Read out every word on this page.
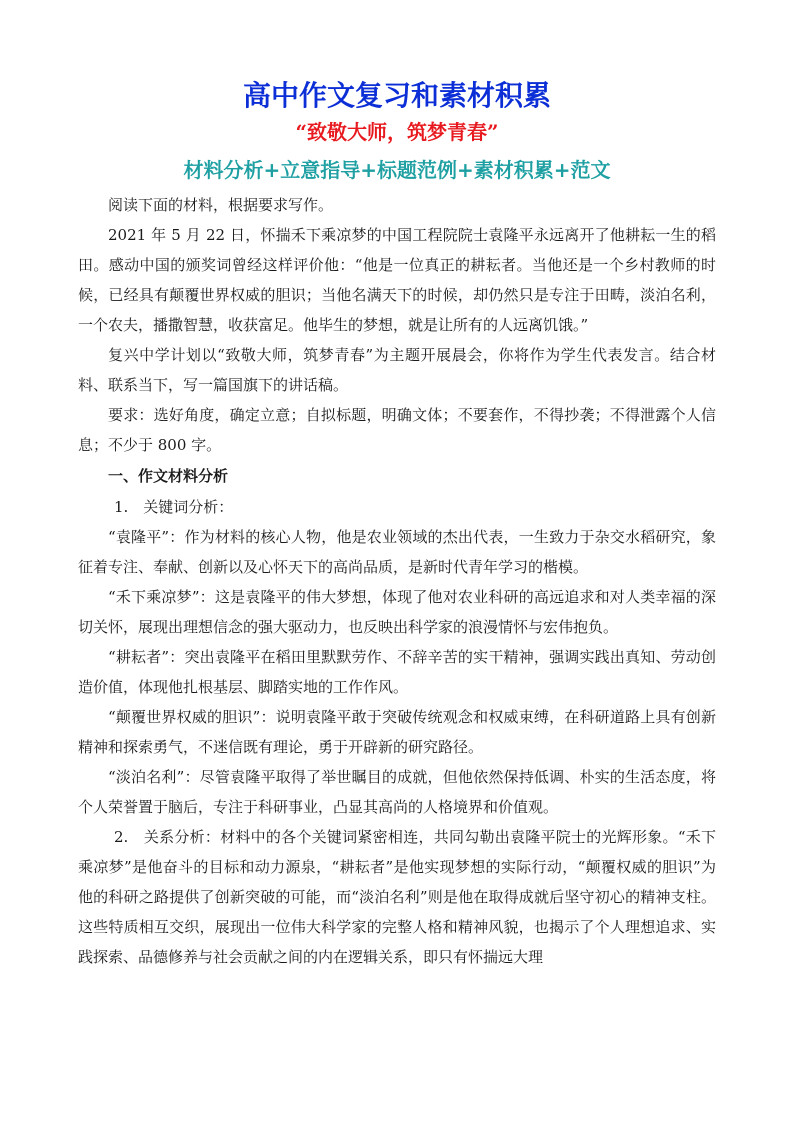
高中作文复习和素材积累
“致敬大师，筑梦青春”
材料分析+立意指导+标题范例+素材积累+范文

阅读下面的材料，根据要求写作。

2021 年 5 月 22 日，怀揣禾下乘凉梦的中国工程院院士袁隆平永远离开了他耕耘一生的稻田。感动中国的颁奖词曾经这样评价他：“他是一位真正的耕耘者。当他还是一个乡村教师的时候，已经具有颠覆世界权威的胆识；当他名满天下的时候，却仍然只是专注于田畴，淡泊名利，一个农夫，播撒智慧，收获富足。他毕生的梦想，就是让所有的人远离饥饿。”

复兴中学计划以“致敬大师，筑梦青春”为主题开展晨会，你将作为学生代表发言。结合材料、联系当下，写一篇国旗下的讲话稿。

要求：选好角度，确定立意；自拟标题，明确文体；不要套作，不得抄袭；不得泄露个人信息；不少于 800 字。

一、作文材料分析

1.　关键词分析：

“袁隆平”：作为材料的核心人物，他是农业领域的杰出代表，一生致力于杂交水稻研究，象征着专注、奉献、创新以及心怀天下的高尚品质，是新时代青年学习的楷模。

“禾下乘凉梦”：这是袁隆平的伟大梦想，体现了他对农业科研的高远追求和对人类幸福的深切关怀，展现出理想信念的强大驱动力，也反映出科学家的浪漫情怀与宏伟抱负。

“耕耘者”：突出袁隆平在稻田里默默劳作、不辞辛苦的实干精神，强调实践出真知、劳动创造价值，体现他扎根基层、脚踏实地的工作作风。

“颠覆世界权威的胆识”：说明袁隆平敢于突破传统观念和权威束缚，在科研道路上具有创新精神和探索勇气，不迷信既有理论，勇于开辟新的研究路径。

“淡泊名利”：尽管袁隆平取得了举世瞩目的成就，但他依然保持低调、朴实的生活态度，将个人荣誉置于脑后，专注于科研事业，凸显其高尚的人格境界和价值观。

2.　关系分析：材料中的各个关键词紧密相连，共同勾勒出袁隆平院士的光辉形象。“禾下乘凉梦”是他奋斗的目标和动力源泉，“耕耘者”是他实现梦想的实际行动，“颠覆权威的胆识”为他的科研之路提供了创新突破的可能，而“淡泊名利”则是他在取得成就后坚守初心的精神支柱。这些特质相互交织，展现出一位伟大科学家的完整人格和精神风貌，也揭示了个人理想追求、实践探索、品德修养与社会贡献之间的内在逻辑关系，即只有怀揣远大理
